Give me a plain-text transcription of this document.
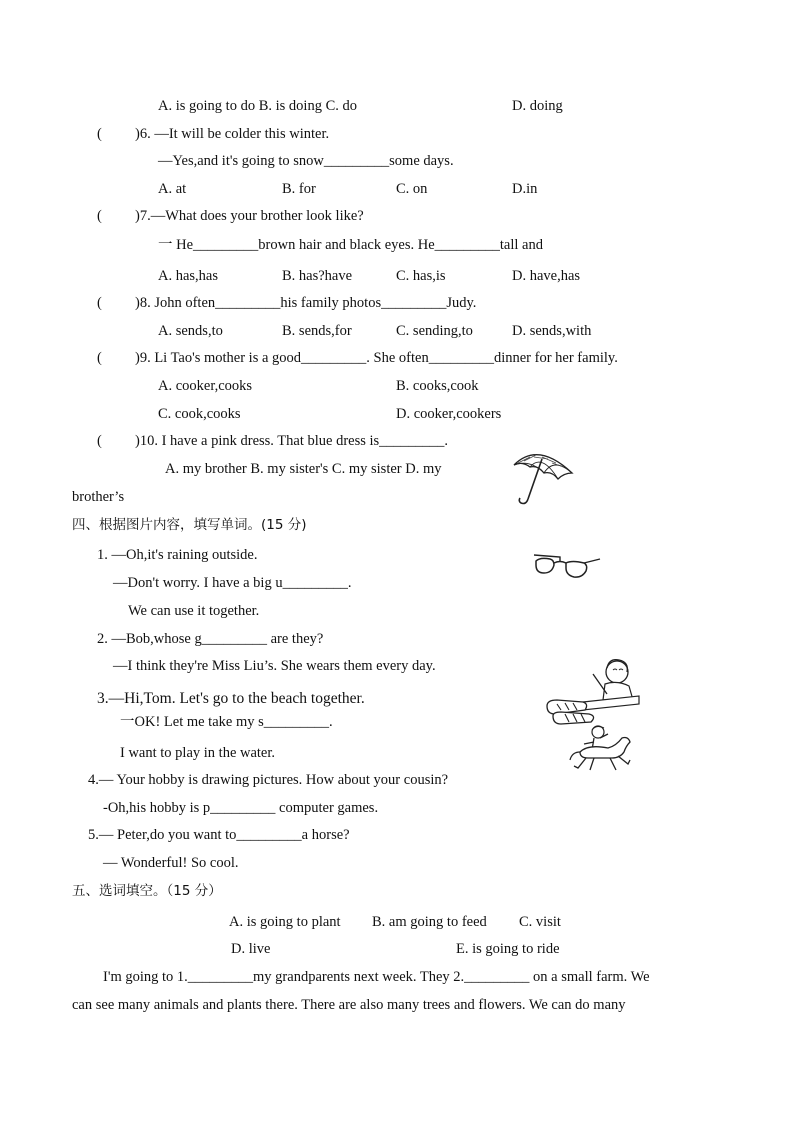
A. is going to do B. is doing C. do	D. doing
( )6. —It will be colder this winter.
—Yes,and it's going to snow_________some days.
A. at	B. for	C. on	D.in
( )7.—What does your brother look like?
一 He_________brown hair and black eyes. He_________tall and
A. has,has	B. has?have	C. has,is	D. have,has
( )8. John often_________his family photos_________Judy.
A. sends,to	B. sends,for	C. sending,to	D. sends,with
( )9. Li Tao's mother is a good_________. She often_________dinner for her family.
A. cooker,cooks	B. cooks,cook
C. cook,cooks	D. cooker,cookers
( )10. I have a pink dress. That blue dress is_________.
A. my brother B. my sister's C. my sister D. my
brother’s
四、根据图片内容，填写单词。(15 分)
1. —Oh,it's raining outside.
—Don't worry. I have a big u_________.
We can use it together.
2. —Bob,whose g_________ are they?
—I think they're Miss Liu’s. She wears them every day.
3.—Hi,Tom. Let's go to the beach together.
一OK! Let me take my s_________.
I want to play in the water.
4.— Your hobby is drawing pictures. How about your cousin?
-Oh,his hobby is p_________ computer games.
5.— Peter,do you want to_________a horse?
— Wonderful! So cool.
五、选词填空。（15 分）
A. is going to plant B. am going to feed C. visit
D. live	E. is going to ride
I'm going to 1._________my grandparents next week. They 2._________ on a small farm. We
can see many animals and plants there. There are also many trees and flowers. We can do many
